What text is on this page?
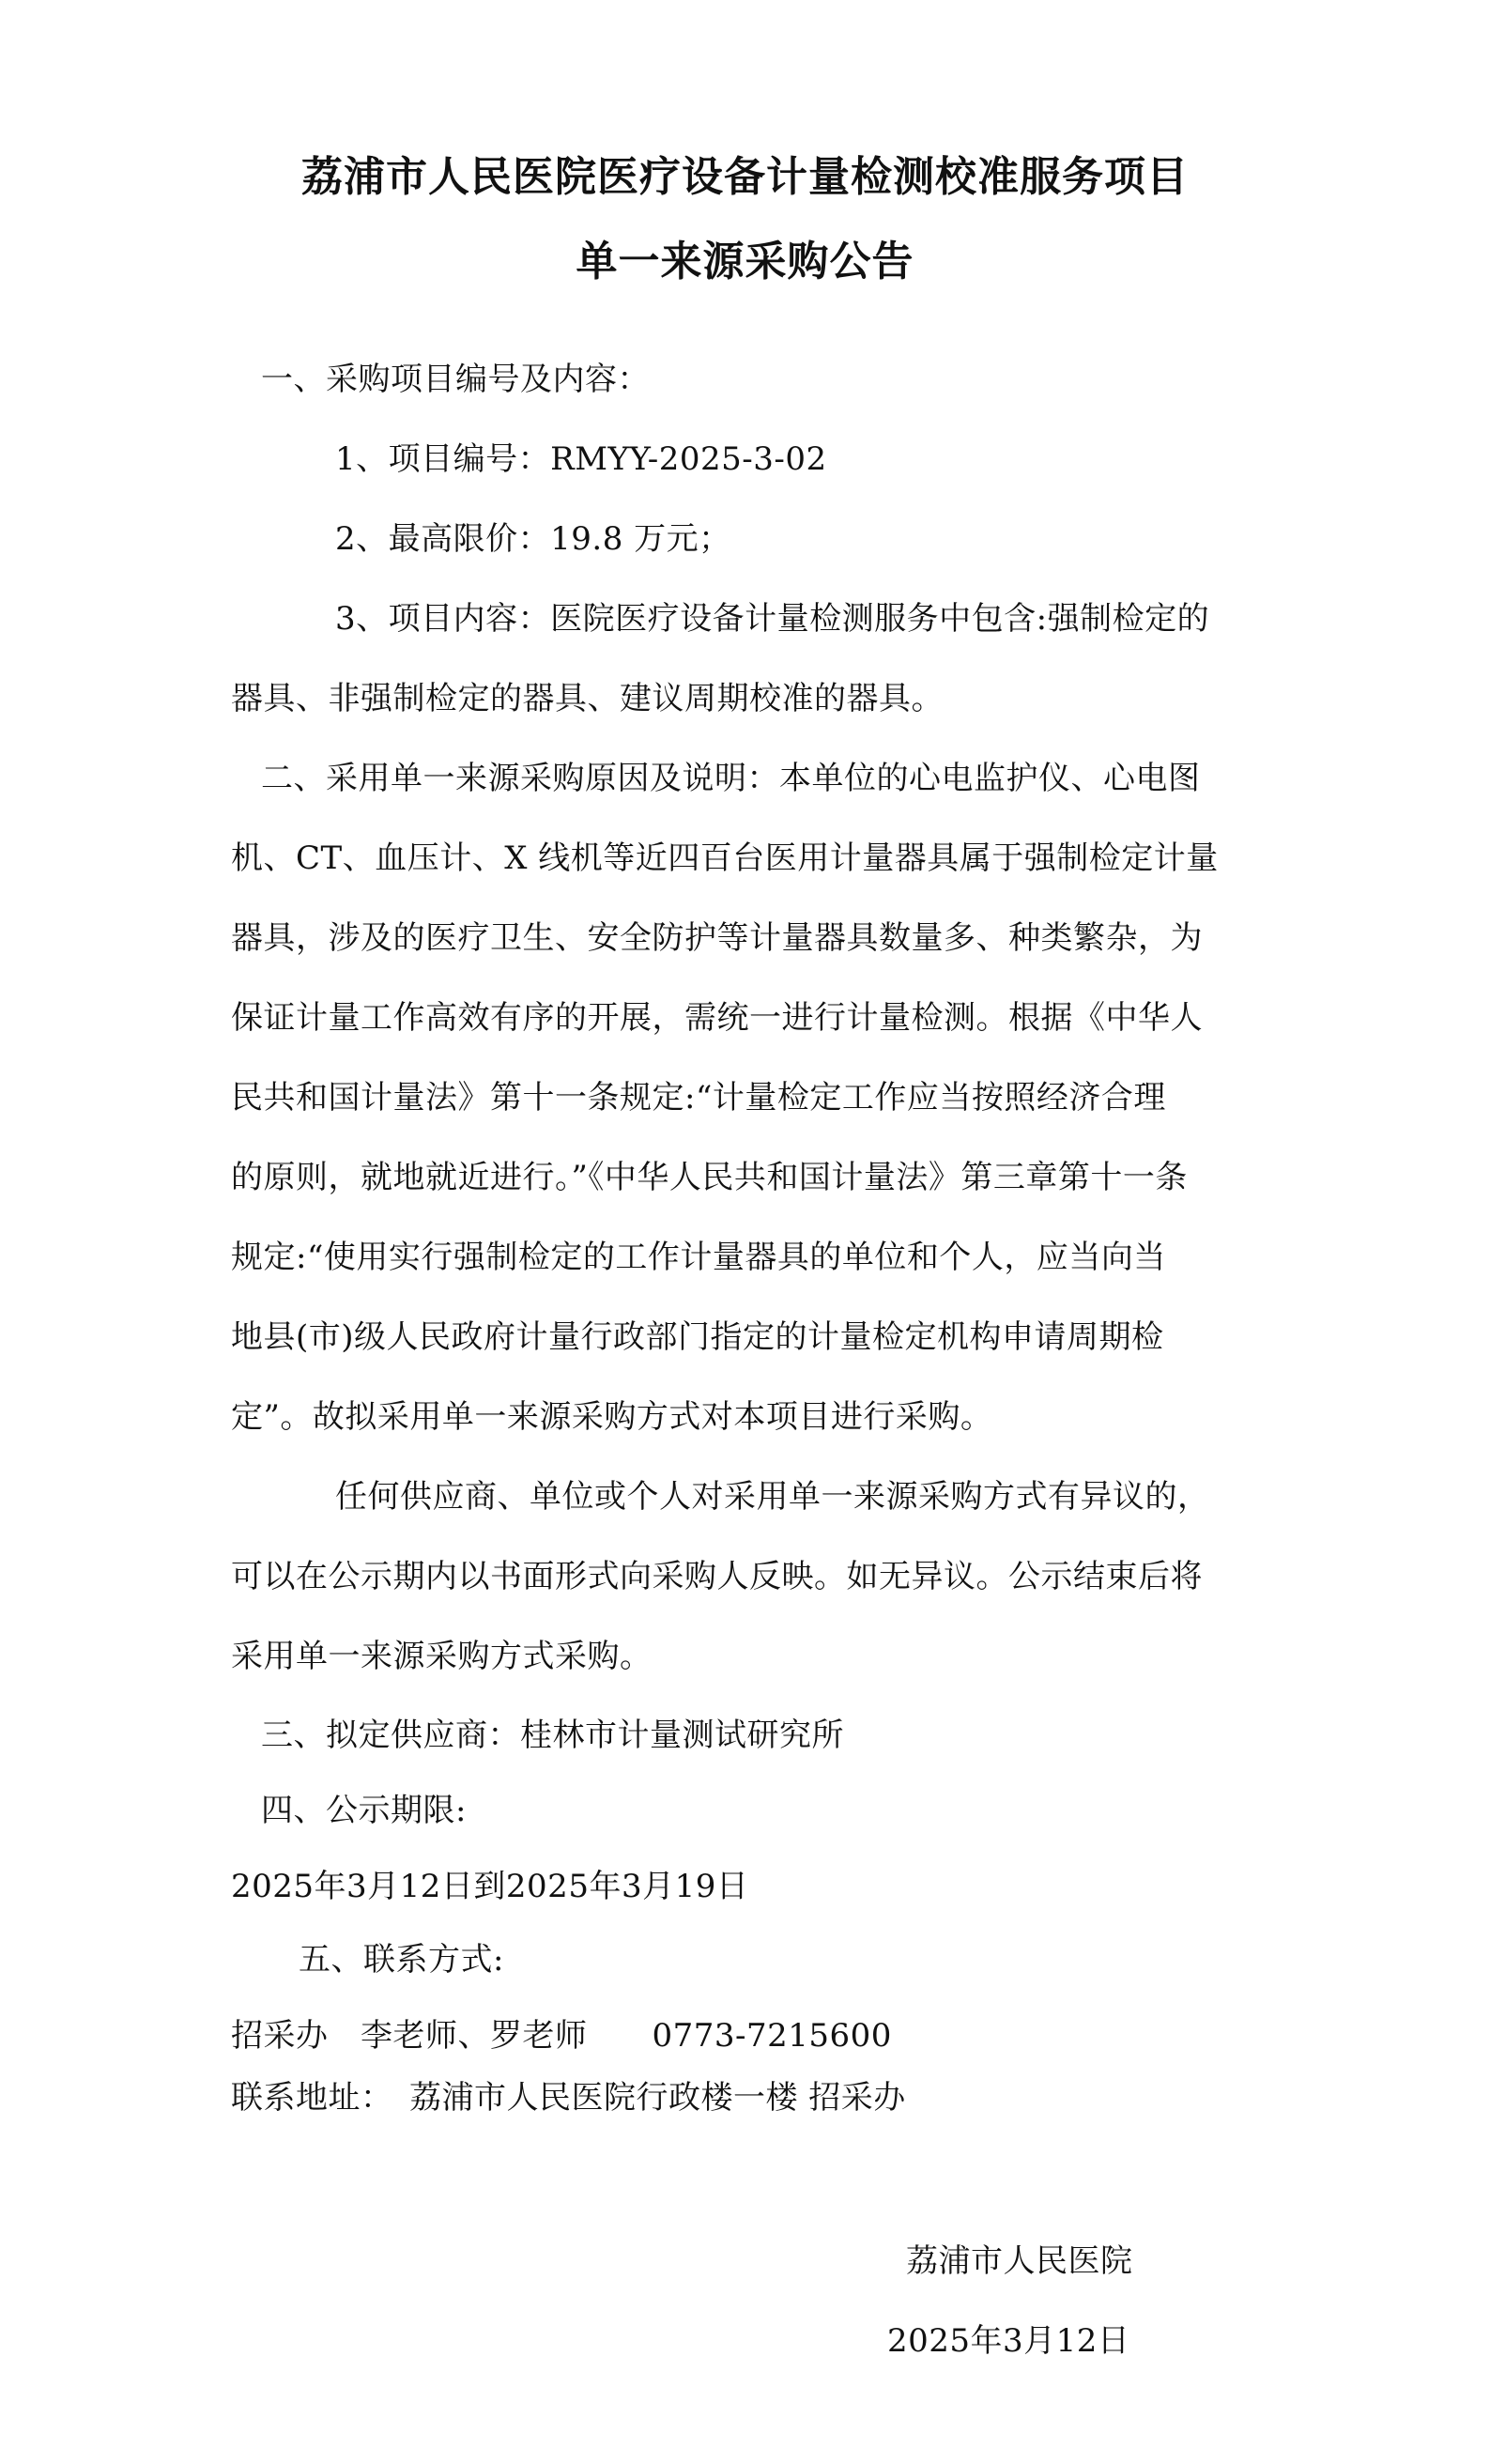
荔浦市人民医院医疗设备计量检测校准服务项目
单一来源采购公告
一、采购项目编号及内容：
1、项目编号：RMYY-2025-3-02
2、最高限价：19.8 万元；
3、项目内容：医院医疗设备计量检测服务中包含:强制检定的
器具、非强制检定的器具、建议周期校准的器具。
二、采用单一来源采购原因及说明：本单位的心电监护仪、心电图
机、CT、血压计、X 线机等近四百台医用计量器具属于强制检定计量
器具，涉及的医疗卫生、安全防护等计量器具数量多、种类繁杂，为
保证计量工作高效有序的开展，需统一进行计量检测。根据《中华人
民共和国计量法》第十一条规定:“计量检定工作应当按照经济合理
的原则，就地就近进行。”《中华人民共和国计量法》第三章第十一条
规定:“使用实行强制检定的工作计量器具的单位和个人，应当向当
地县(市)级人民政府计量行政部门指定的计量检定机构申请周期检
定”。故拟采用单一来源采购方式对本项目进行采购。
任何供应商、单位或个人对采用单一来源采购方式有异议的，
可以在公示期内以书面形式向采购人反映。如无异议。公示结束后将
采用单一来源采购方式采购。
三、拟定供应商：桂林市计量测试研究所
四、公示期限:
2025年3月12日到2025年3月19日
五、联系方式:
招采办　李老师、罗老师　　0773-7215600
联系地址：　荔浦市人民医院行政楼一楼 招采办
荔浦市人民医院
2025年3月12日
